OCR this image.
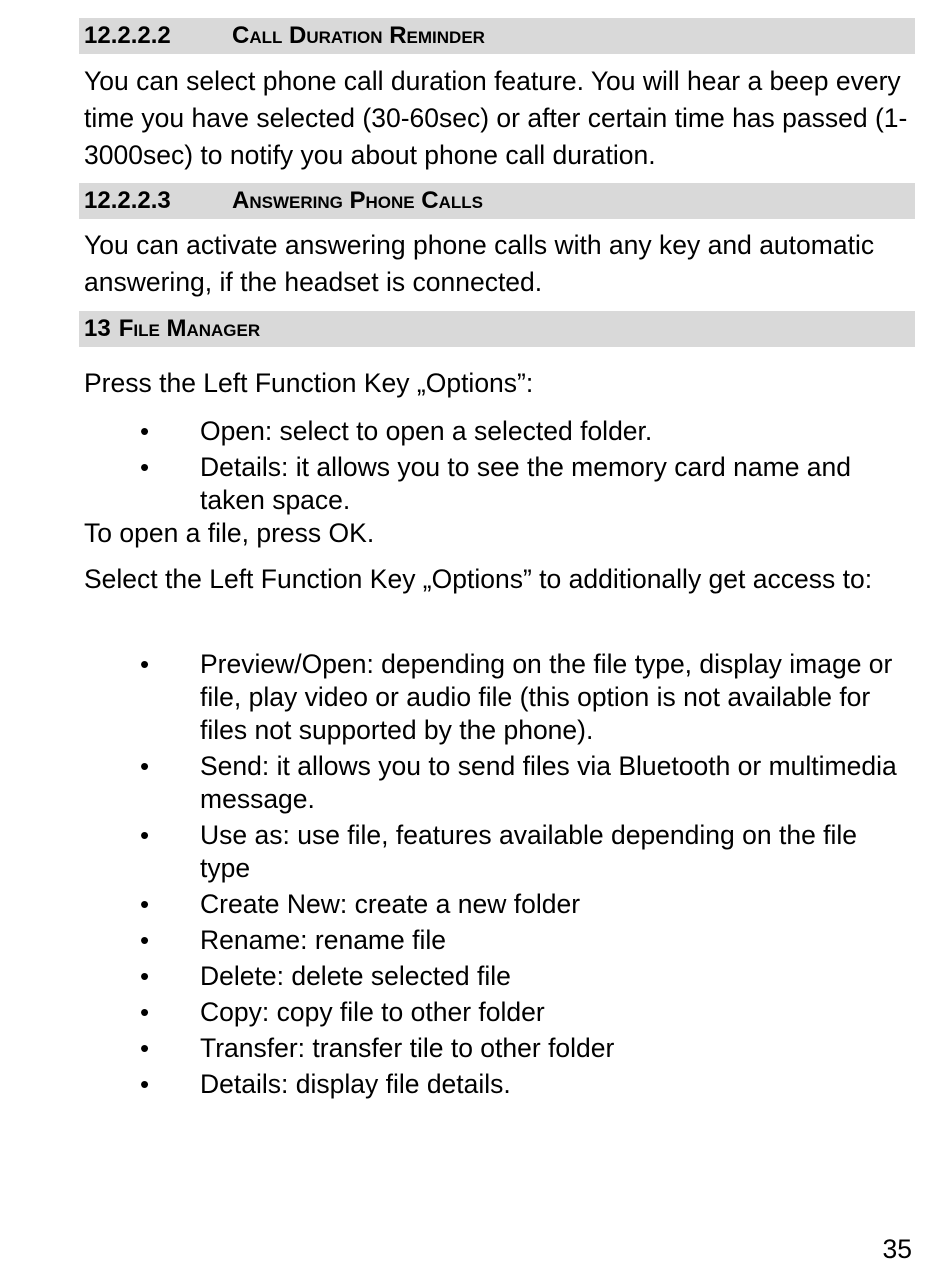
12.2.2.2	Call Duration Reminder

You can select phone call duration feature. You will hear a beep every time you have selected (30-60sec) or after certain time has passed (1-3000sec) to notify you about phone call duration.

12.2.2.3	Answering Phone Calls

You can activate answering phone calls with any key and automatic answering, if the headset is connected.

13 File Manager

Press the Left Function Key „Options”:

• Open: select to open a selected folder.
• Details: it allows you to see the memory card name and taken space.

To open a file, press OK.

Select the Left Function Key „Options” to additionally get access to:

• Preview/Open: depending on the file type, display image or file, play video or audio file (this option is not available for files not supported by the phone).
• Send: it allows you to send files via Bluetooth or multimedia message.
• Use as: use file, features available depending on the file type
• Create New: create a new folder
• Rename: rename file
• Delete: delete selected file
• Copy: copy file to other folder
• Transfer: transfer tile to other folder
• Details: display file details.
35
